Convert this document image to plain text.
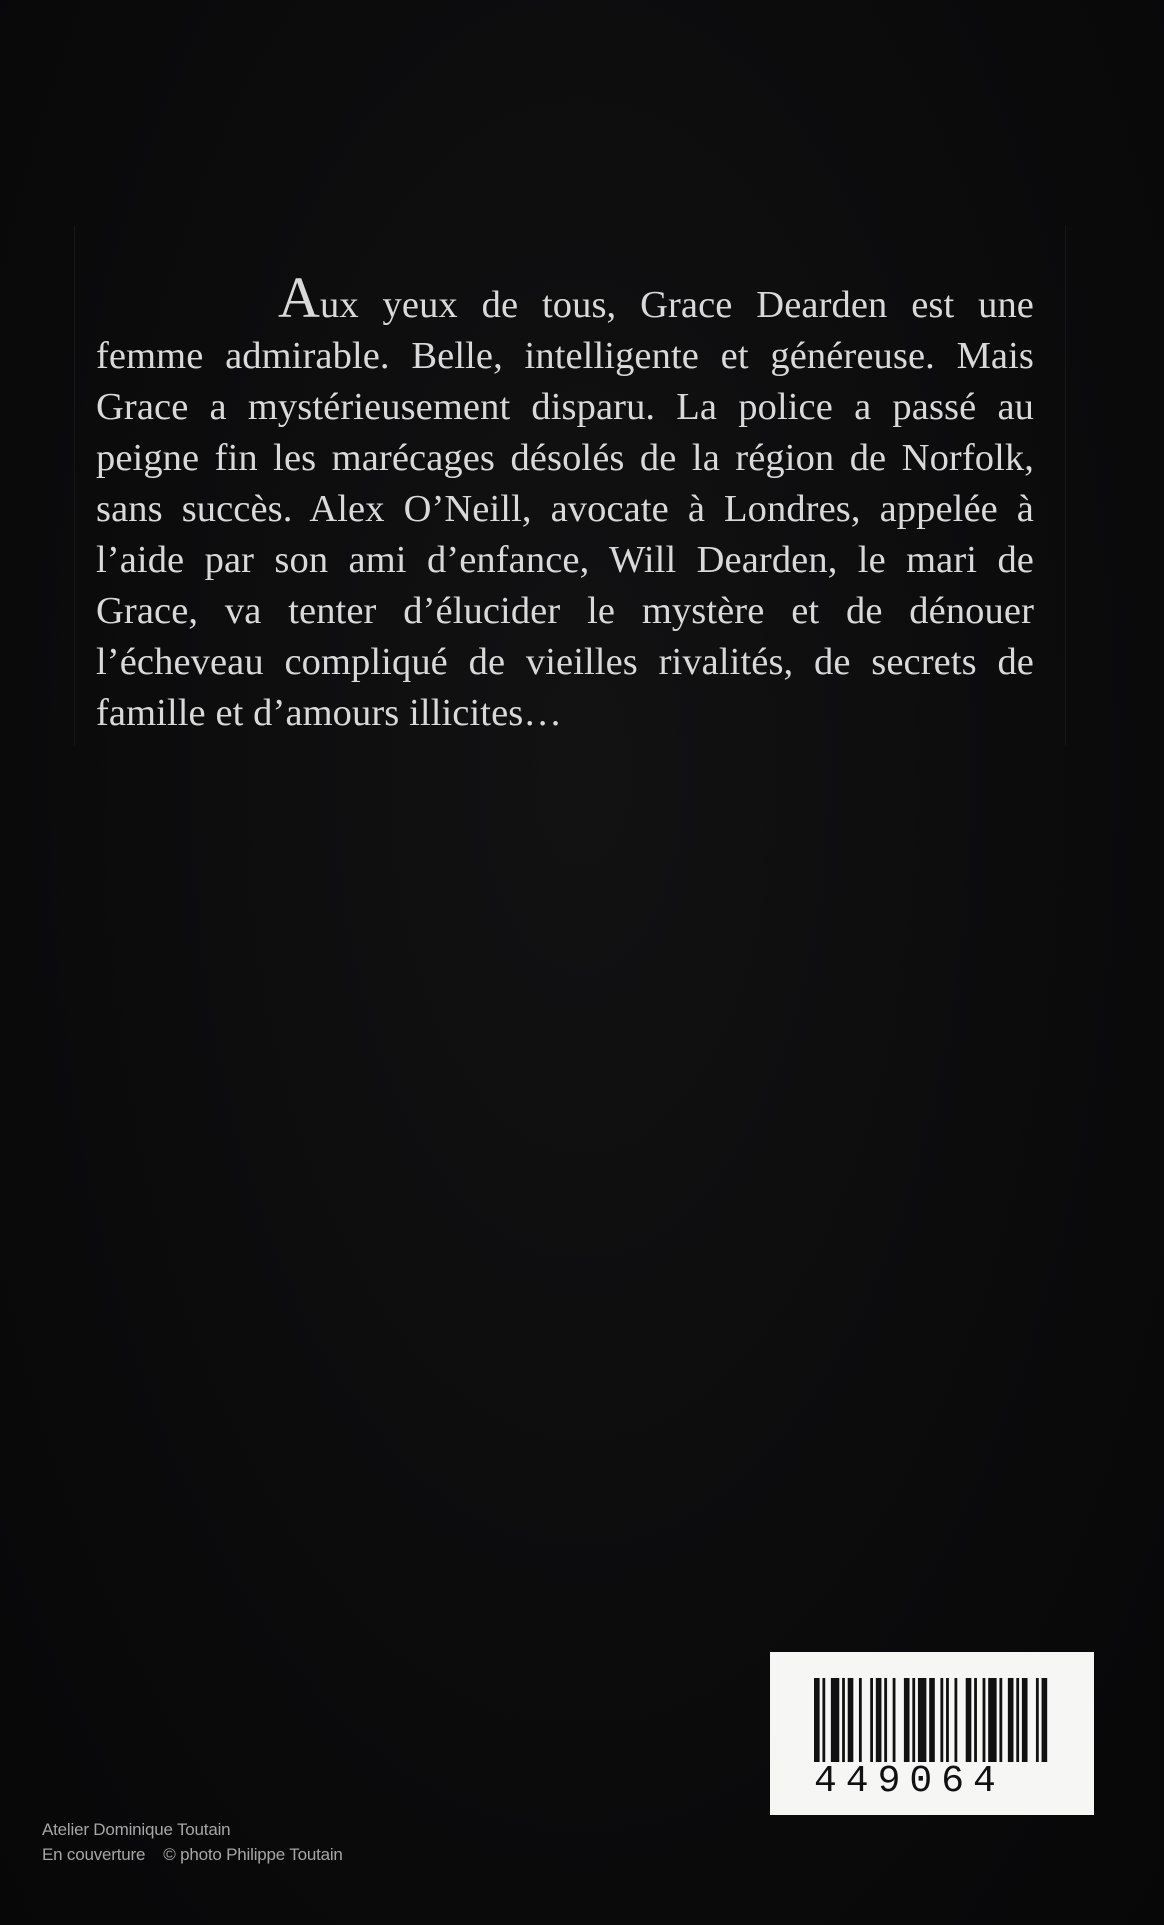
Aux yeux de tous, Grace Dearden est une femme admirable. Belle, intelligente et généreuse. Mais Grace a mystérieusement disparu. La police a passé au peigne fin les marécages désolés de la région de Norfolk, sans succès. Alex O’Neill, avocate à Londres, appelée à l’aide par son ami d’enfance, Will Dearden, le mari de Grace, va tenter d’élucider le mystère et de dénouer l’écheveau compliqué de vieilles rivalités, de secrets de famille et d’amours illicites…

Atelier Dominique Toutain
En couverture © photo Philippe Toutain
449064
